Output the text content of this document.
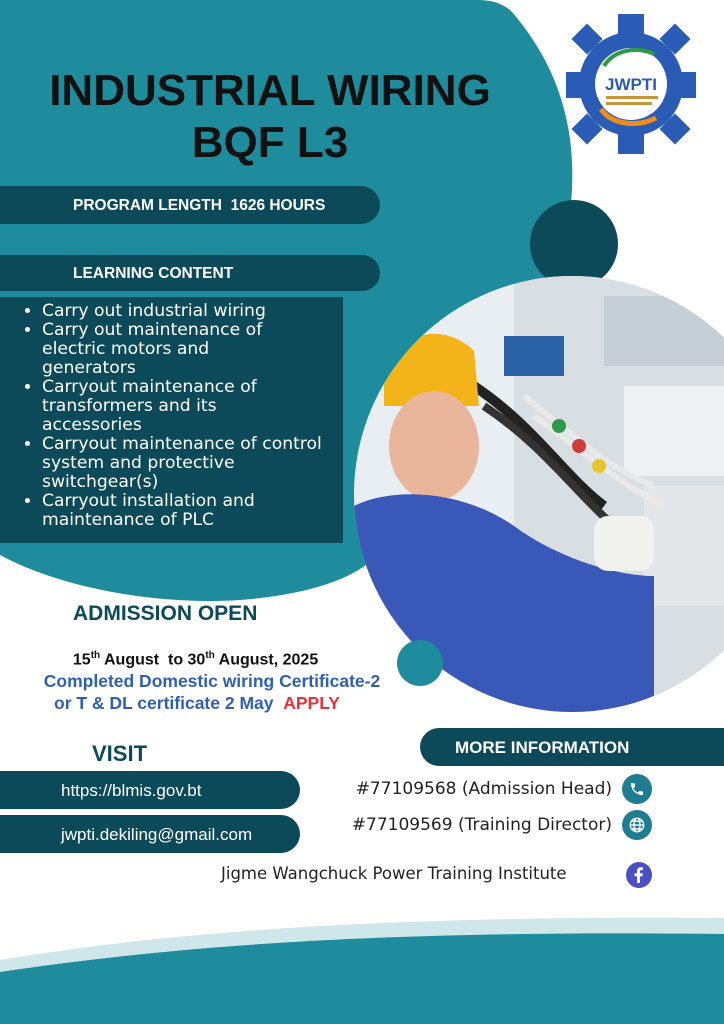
JWPTI
INDUSTRIAL WIRING
BQF L3
PROGRAM LENGTH  1626 HOURS
LEARNING CONTENT
• Carry out industrial wiring
• Carry out maintenance of electric motors and generators
• Carryout maintenance of transformers and its accessories
• Carryout maintenance of control system and protective switchgear(s)
• Carryout installation and maintenance of PLC
ADMISSION OPEN

15th August  to 30th August, 2025

Completed Domestic wiring Certificate-2
or T & DL certificate 2 May APPLY
VISIT
https://blmis.gov.bt
jwpti.dekiling@gmail.com
MORE INFORMATION
#77109568 (Admission Head)
#77109569 (Training Director)
Jigme Wangchuck Power Training Institute
